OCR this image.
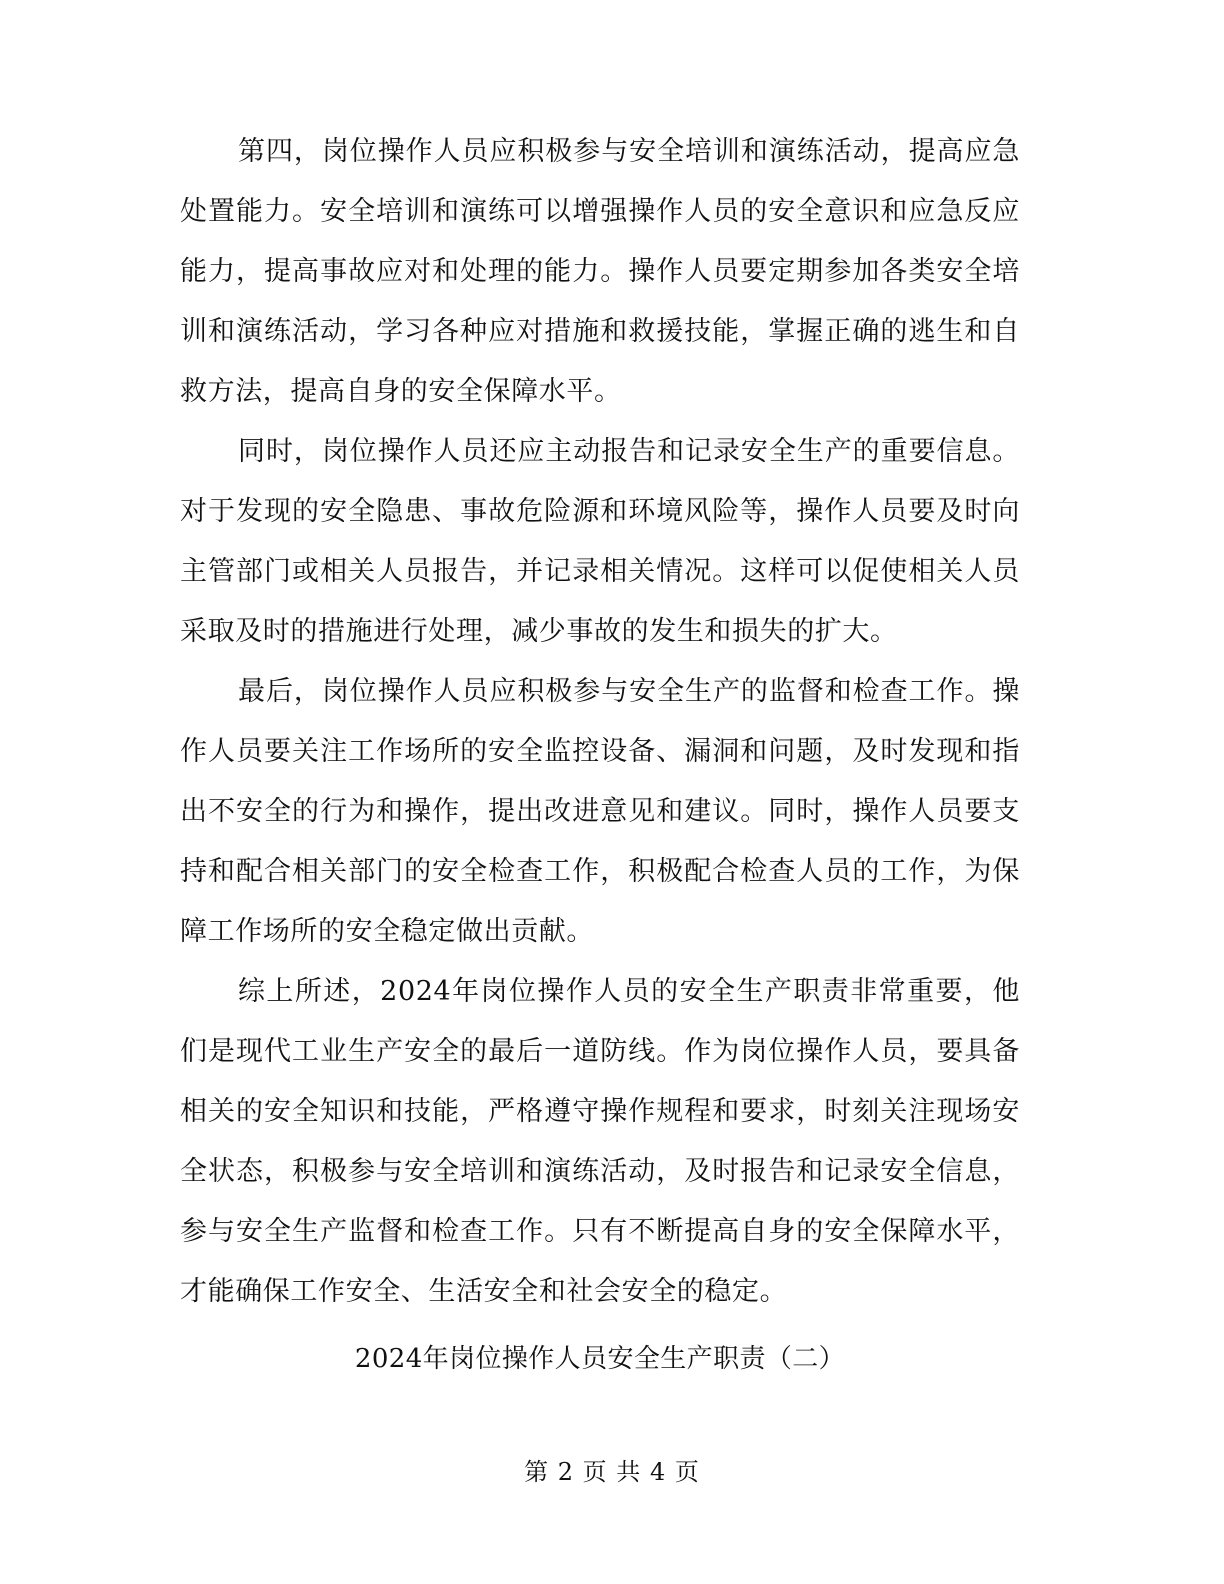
第四，岗位操作人员应积极参与安全培训和演练活动，提高应急处置能力。安全培训和演练可以增强操作人员的安全意识和应急反应能力，提高事故应对和处理的能力。操作人员要定期参加各类安全培训和演练活动，学习各种应对措施和救援技能，掌握正确的逃生和自救方法，提高自身的安全保障水平。

同时，岗位操作人员还应主动报告和记录安全生产的重要信息。对于发现的安全隐患、事故危险源和环境风险等，操作人员要及时向主管部门或相关人员报告，并记录相关情况。这样可以促使相关人员采取及时的措施进行处理，减少事故的发生和损失的扩大。

最后，岗位操作人员应积极参与安全生产的监督和检查工作。操作人员要关注工作场所的安全监控设备、漏洞和问题，及时发现和指出不安全的行为和操作，提出改进意见和建议。同时，操作人员要支持和配合相关部门的安全检查工作，积极配合检查人员的工作，为保障工作场所的安全稳定做出贡献。

综上所述，2024年岗位操作人员的安全生产职责非常重要，他们是现代工业生产安全的最后一道防线。作为岗位操作人员，要具备相关的安全知识和技能，严格遵守操作规程和要求，时刻关注现场安全状态，积极参与安全培训和演练活动，及时报告和记录安全信息，参与安全生产监督和检查工作。只有不断提高自身的安全保障水平，才能确保工作安全、生活安全和社会安全的稳定。

2024年岗位操作人员安全生产职责（二）
第 2 页 共 4 页
